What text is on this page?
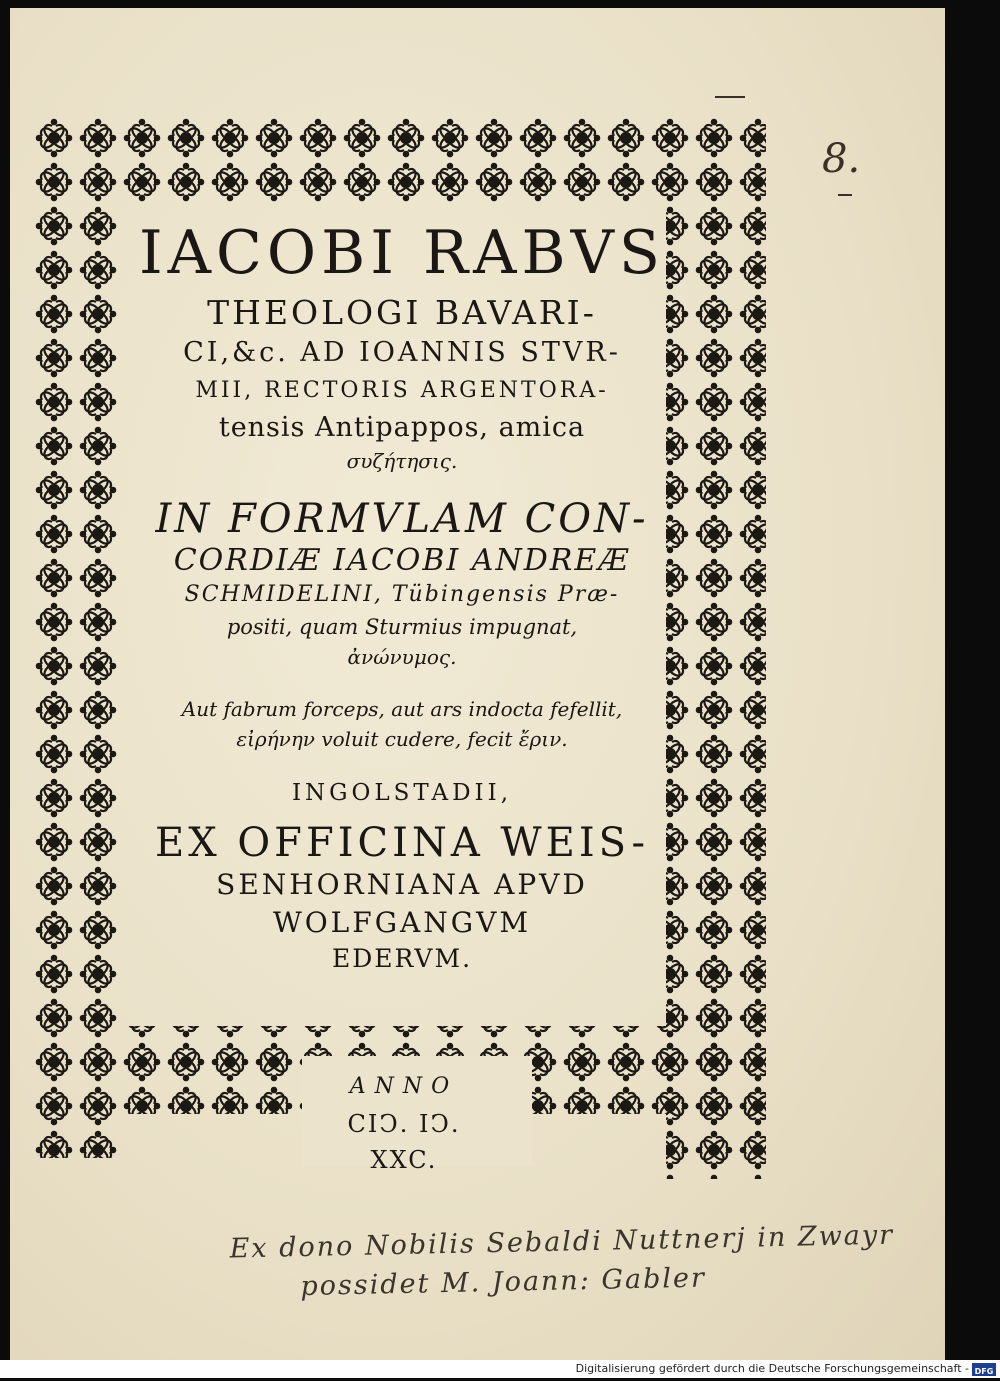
8.
IACOBI RABVS
THEOLOGI BAVARI-
CI,&c. AD IOANNIS STVR-
MII, RECTORIS ARGENTORA-
tensis Antipappos, amica
συζήτησις.
IN FORMVLAM CON-
CORDIÆ IACOBI ANDREÆ
SCHMIDELINI, Tübingensis Præ-
positi, quam Sturmius impugnat,
ἀνώνυμος.
Aut fabrum forceps, aut ars indocta fefellit,
εἰρήνην voluit cudere, fecit ἔριν.
INGOLSTADII,
EX OFFICINA WEIS-
SENHORNIANA APVD
WOLFGANGVM
EDERVM.
ANNO
CIↃ. IↃ. XXC.
Ex dono Nobilis Sebaldi Nuttnerj in Zwayr
possidet M. Joann: Gabler
Digitalisierung gefördert durch die Deutsche Forschungsgemeinschaft - DFG
